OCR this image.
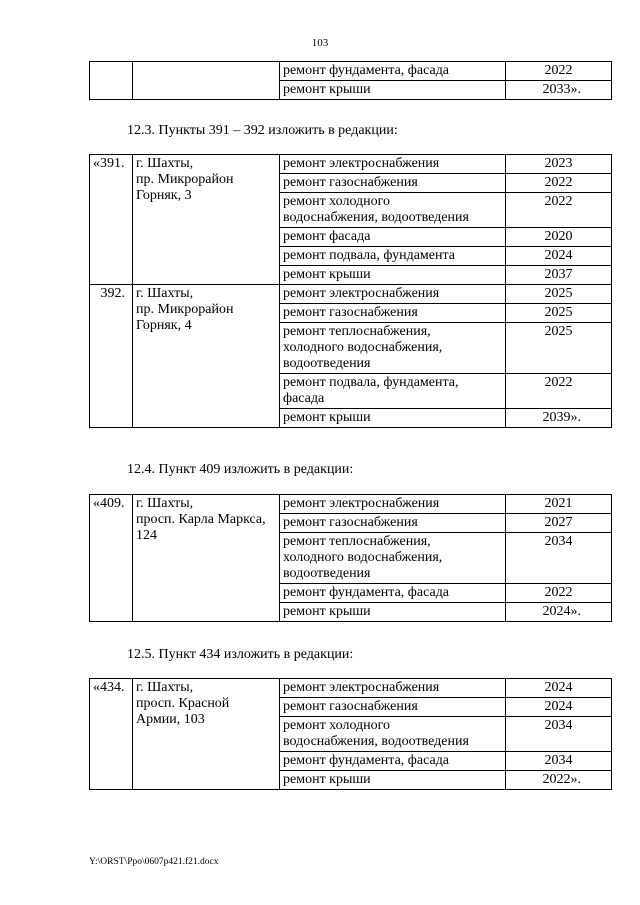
103
		ремонт фундамента, фасада	2022
		ремонт крыши	2033».
12.3. Пункты 391 – 392 изложить в редакции:
«391.	г. Шахты,
пр. Микрорайон
Горняк, 3	ремонт электроснабжения	2023
		ремонт газоснабжения	2022
		ремонт холодного
водоснабжения, водоотведения	2022
		ремонт фасада	2020
		ремонт подвала, фундамента	2024
		ремонт крыши	2037
392.	г. Шахты,
пр. Микрорайон
Горняк, 4	ремонт электроснабжения	2025
		ремонт газоснабжения	2025
		ремонт теплоснабжения,
холодного водоснабжения,
водоотведения	2025
		ремонт подвала, фундамента,
фасада	2022
		ремонт крыши	2039».
12.4. Пункт 409 изложить в редакции:
«409.	г. Шахты,
просп. Карла Маркса,
124	ремонт электроснабжения	2021
		ремонт газоснабжения	2027
		ремонт теплоснабжения,
холодного водоснабжения,
водоотведения	2034
		ремонт фундамента, фасада	2022
		ремонт крыши	2024».
12.5. Пункт 434 изложить в редакции:
«434.	г. Шахты,
просп. Красной
Армии, 103	ремонт электроснабжения	2024
		ремонт газоснабжения	2024
		ремонт холодного
водоснабжения, водоотведения	2034
		ремонт фундамента, фасада	2034
		ремонт крыши	2022».
Y:\ORST\Ppo\0607p421.f21.docx
